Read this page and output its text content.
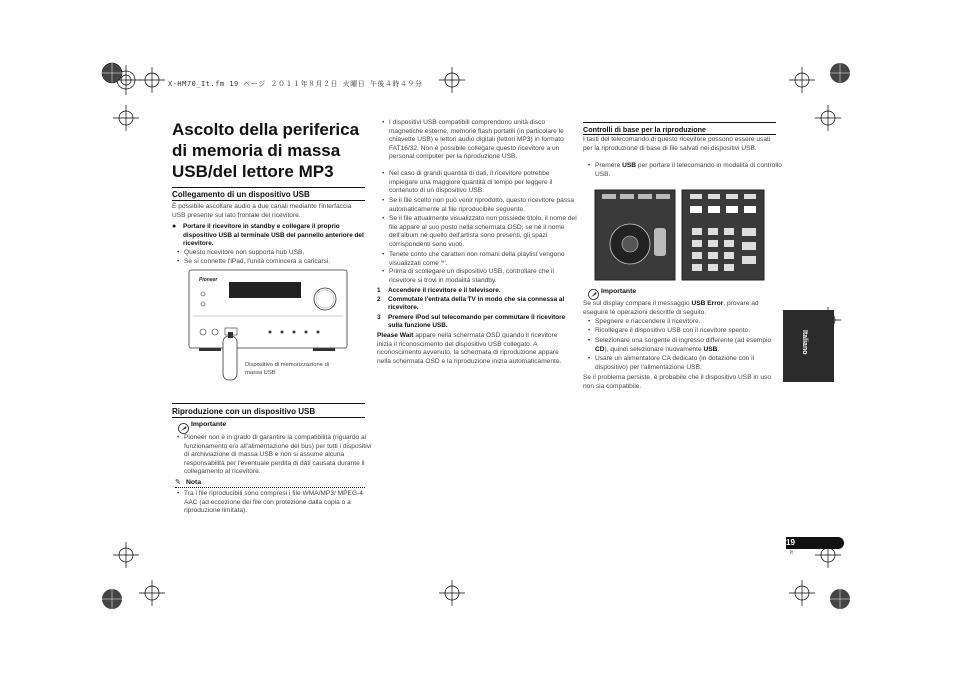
X-HM70_It.fm 19 ページ ２０１１年８月２日 火曜日 午後４時４９分
Ascolto della periferica di memoria di massa USB/del lettore MP3
Collegamento di un dispositivo USB
È possibile ascoltare audio a due canali mediante l'interfaccia USB presente sul lato frontale del ricevitore.
● Portare il ricevitore in standby e collegare il proprio dispositivo USB al terminale USB del pannello anteriore del ricevitore.
• Questo ricevitore non supporta hub USB.
• Se si connette l'iPad, l'unità comincerà a caricarsi.
Pioneer
Dispositivo di memorizzazione di massa USB
Riproduzione con un dispositivo USB
Importante
• Pioneer non è in grado di garantire la compatibilità (riguardo al funzionamento e/o all'alimentazione del bus) per tutti i dispositivi di archiviazione di massa USB e non si assume alcuna responsabilità per l'eventuale perdita di dati causata durante il collegamento al ricevitore.
✎ Nota
• Tra i file riproducibili sono compresi i file WMA/MP3/ MPEG-4 AAC (ad eccezione dei file con protezione dalla copia o a riproduzione limitata).
• I dispositivi USB compatibili comprendono unità disco magnetiche esterne, memorie flash portatili (in particolare le chiavette USB) e lettori audio digitali (lettori MP3) in formato FAT16/32. Non è possibile collegare questo ricevitore a un personal computer per la riproduzione USB.
• Nel caso di grandi quantità di dati, il ricevitore potrebbe impiegare una maggiore quantità di tempo per leggere il contenuto di un dispositivo USB.
• Se il file scelto non può venir riprodotto, questo ricevitore passa automaticamente al file riproducibile seguente.
• Se il file attualmente visualizzato non possiede titolo, il nome del file appare al suo posto nella schermata OSD; se né il nome dell'album né quello dell'artista sono presenti, gli spazi corrispondenti sono vuoti.
• Tenete conto che caratteri non romani della playlist vengono visualizzati come '*'.
• Prima di scollegare un dispositivo USB, controllare che il ricevitore si trovi in modalità standby.
1 Accendere il ricevitore e il televisore.
2 Commutate l'entrata della TV in modo che sia connessa al ricevitore.
3 Premere iPod sul telecomando per commutare il ricevitore sulla funzione USB.
Please Wait appare nella schermata OSD quando il ricevitore inizia il riconoscimento del dispositivo USB collegato. A riconoscimento avvenuto, la schermata di riproduzione appare nella schermata OSD e la riproduzione inizia automaticamente.
Controlli di base per la riproduzione
I tasti del telecomando di questo ricevitore possono essere usati per la riproduzione di base di file salvati nei dispositivi USB.
• Premere USB per portare il telecomando in modalità di controllo USB.
Importante
Se sul display compare il messaggio USB Error, provare ad eseguire le operazioni descritte di seguito.
• Spegnere e riaccendere il ricevitore.
• Ricollegare il dispositivo USB con il ricevitore spento.
• Selezionare una sorgente di ingresso differente (ad esempio CD), quindi selezionare nuovamente USB.
• Usare un alimentatore CA dedicato (in dotazione con il dispositivo) per l'alimentazione USB.
Se il problema persiste, è probabile che il dispositivo USB in uso non sia compatibile.
Italiano
19
It
